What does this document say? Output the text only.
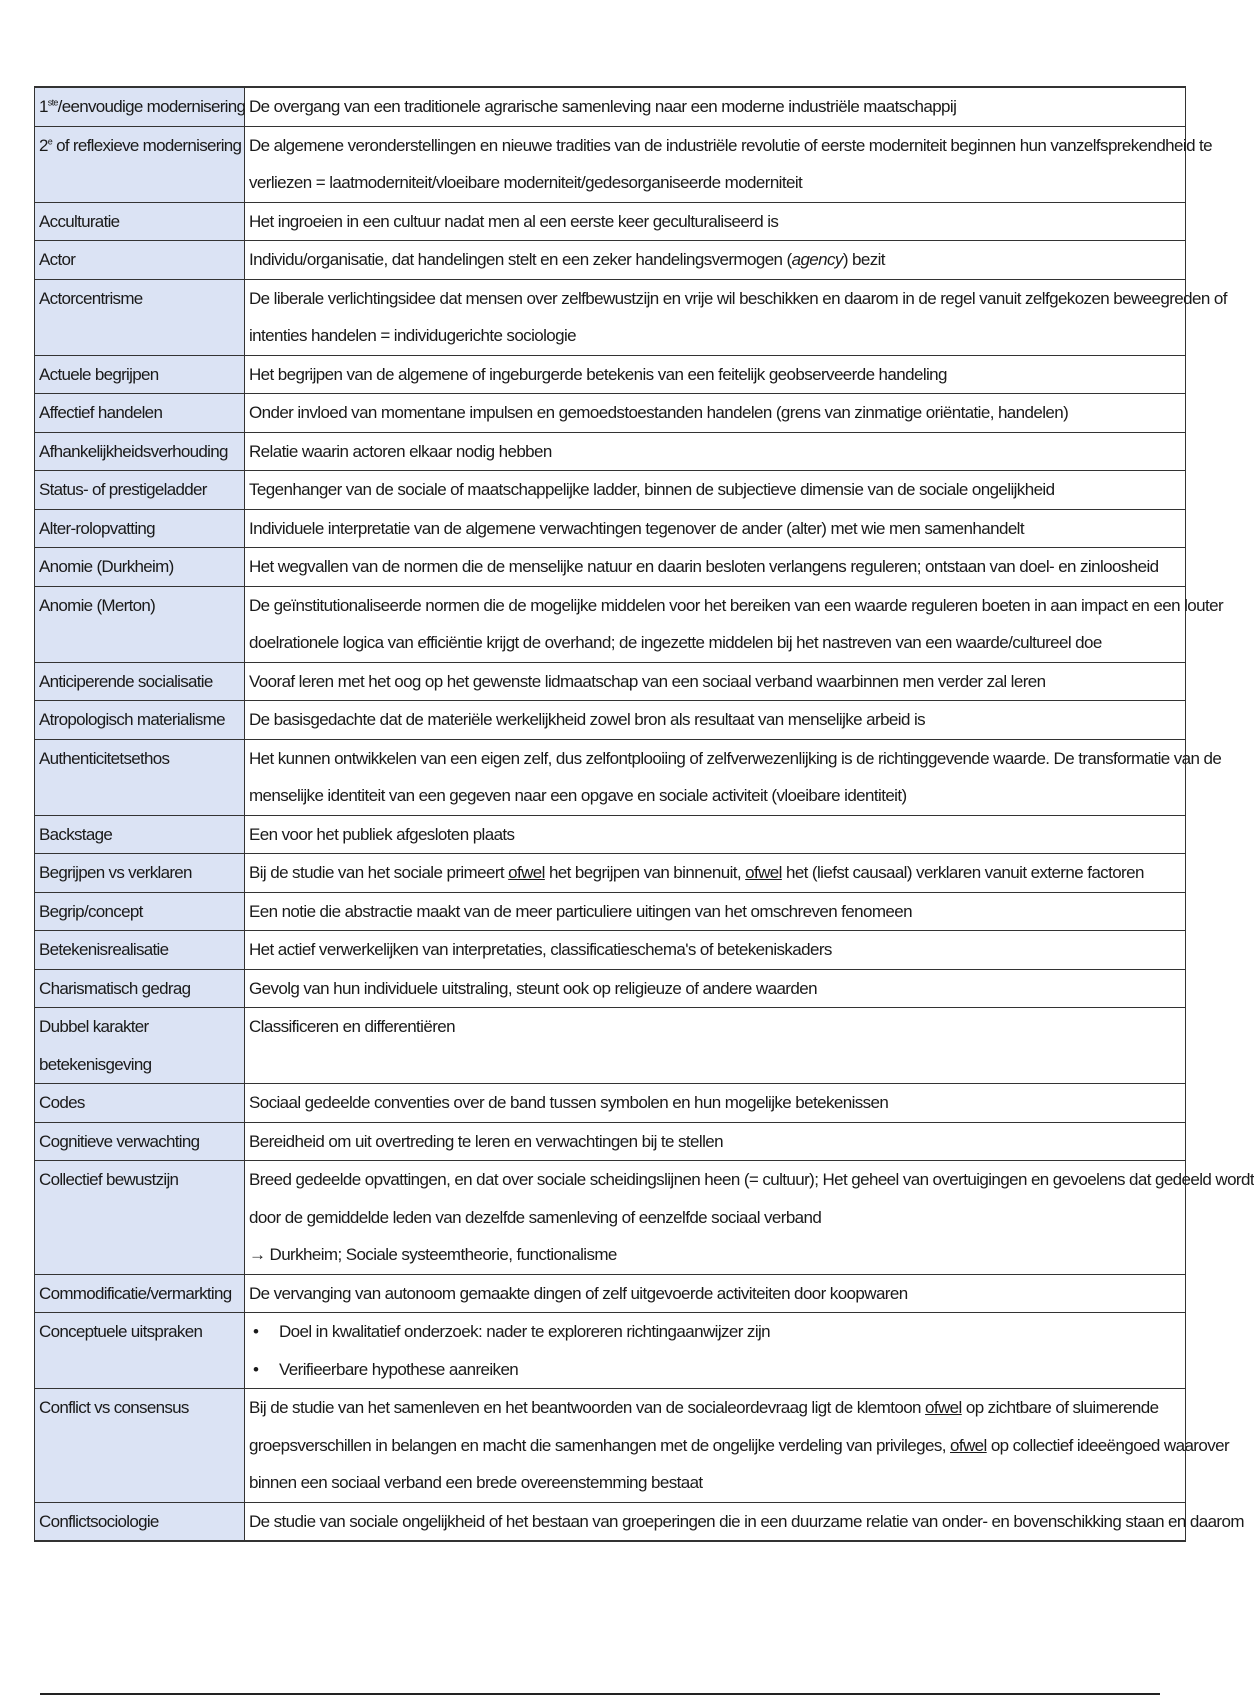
1ste/eenvoudige modernisering	De overgang van een traditionele agrarische samenleving naar een moderne industriële maatschappij
2e of reflexieve modernisering	De algemene veronderstellingen en nieuwe tradities van de industriële revolutie of eerste moderniteit beginnen hun vanzelfsprekendheid te
verliezen = laatmoderniteit/vloeibare moderniteit/gedesorganiseerde moderniteit

Acculturatie	Het ingroeien in een cultuur nadat men al een eerste keer geculturaliseerd is
Actor	Individu/organisatie, dat handelingen stelt en een zeker handelingsvermogen (agency) bezit
Actorcentrisme	De liberale verlichtingsidee dat mensen over zelfbewustzijn en vrije wil beschikken en daarom in de regel vanuit zelfgekozen beweegreden of
intenties handelen = individugerichte sociologie

Actuele begrijpen	Het begrijpen van de algemene of ingeburgerde betekenis van een feitelijk geobserveerde handeling
Affectief handelen	Onder invloed van momentane impulsen en gemoedstoestanden handelen (grens van zinmatige oriëntatie, handelen)
Afhankelijkheidsverhouding	Relatie waarin actoren elkaar nodig hebben
Status- of prestigeladder	Tegenhanger van de sociale of maatschappelijke ladder, binnen de subjectieve dimensie van de sociale ongelijkheid
Alter-rolopvatting	Individuele interpretatie van de algemene verwachtingen tegenover de ander (alter) met wie men samenhandelt
Anomie (Durkheim)	Het wegvallen van de normen die de menselijke natuur en daarin besloten verlangens reguleren; ontstaan van doel- en zinloosheid
Anomie (Merton)	De geïnstitutionaliseerde normen die de mogelijke middelen voor het bereiken van een waarde reguleren boeten in aan impact en een louter
doelrationele logica van efficiëntie krijgt de overhand; de ingezette middelen bij het nastreven van een waarde/cultureel doe

Anticiperende socialisatie	Vooraf leren met het oog op het gewenste lidmaatschap van een sociaal verband waarbinnen men verder zal leren
Atropologisch materialisme	De basisgedachte dat de materiële werkelijkheid zowel bron als resultaat van menselijke arbeid is
Authenticitetsethos	Het kunnen ontwikkelen van een eigen zelf, dus zelfontplooiing of zelfverwezenlijking is de richtinggevende waarde. De transformatie van de
menselijke identiteit van een gegeven naar een opgave en sociale activiteit (vloeibare identiteit)

Backstage	Een voor het publiek afgesloten plaats
Begrijpen vs verklaren	Bij de studie van het sociale primeert ofwel het begrijpen van binnenuit, ofwel het (liefst causaal) verklaren vanuit externe factoren
Begrip/concept	Een notie die abstractie maakt van de meer particuliere uitingen van het omschreven fenomeen
Betekenisrealisatie	Het actief verwerkelijken van interpretaties, classificatieschema's of betekeniskaders
Charismatisch gedrag	Gevolg van hun individuele uitstraling, steunt ook op religieuze of andere waarden

Dubbel karakter
betekenisgeving	Classificeren en differentiëren
Codes	Sociaal gedeelde conventies over de band tussen symbolen en hun mogelijke betekenissen
Cognitieve verwachting	Bereidheid om uit overtreding te leren en verwachtingen bij te stellen
Collectief bewustzijn	Breed gedeelde opvattingen, en dat over sociale scheidingslijnen heen (= cultuur); Het geheel van overtuigingen en gevoelens dat gedeeld wordt
door de gemiddelde leden van dezelfde samenleving of eenzelfde sociaal verband
→ Durkheim; Sociale systeemtheorie, functionalisme

Commodificatie/vermarkting	De vervanging van autonoom gemaakte dingen of zelf uitgevoerde activiteiten door koopwaren
Conceptuele uitspraken	• Doel in kwalitatief onderzoek: nader te exploreren richtingaanwijzer zijn
• Verifieerbare hypothese aanreiken

Conflict vs consensus	Bij de studie van het samenleven en het beantwoorden van de socialeordevraag ligt de klemtoon ofwel op zichtbare of sluimerende
groepsverschillen in belangen en macht die samenhangen met de ongelijke verdeling van privileges, ofwel op collectief ideeëngoed waarover
binnen een sociaal verband een brede overeenstemming bestaat

Conflictsociologie	De studie van sociale ongelijkheid of het bestaan van groeperingen die in een duurzame relatie van onder- en bovenschikking staan en daarom
